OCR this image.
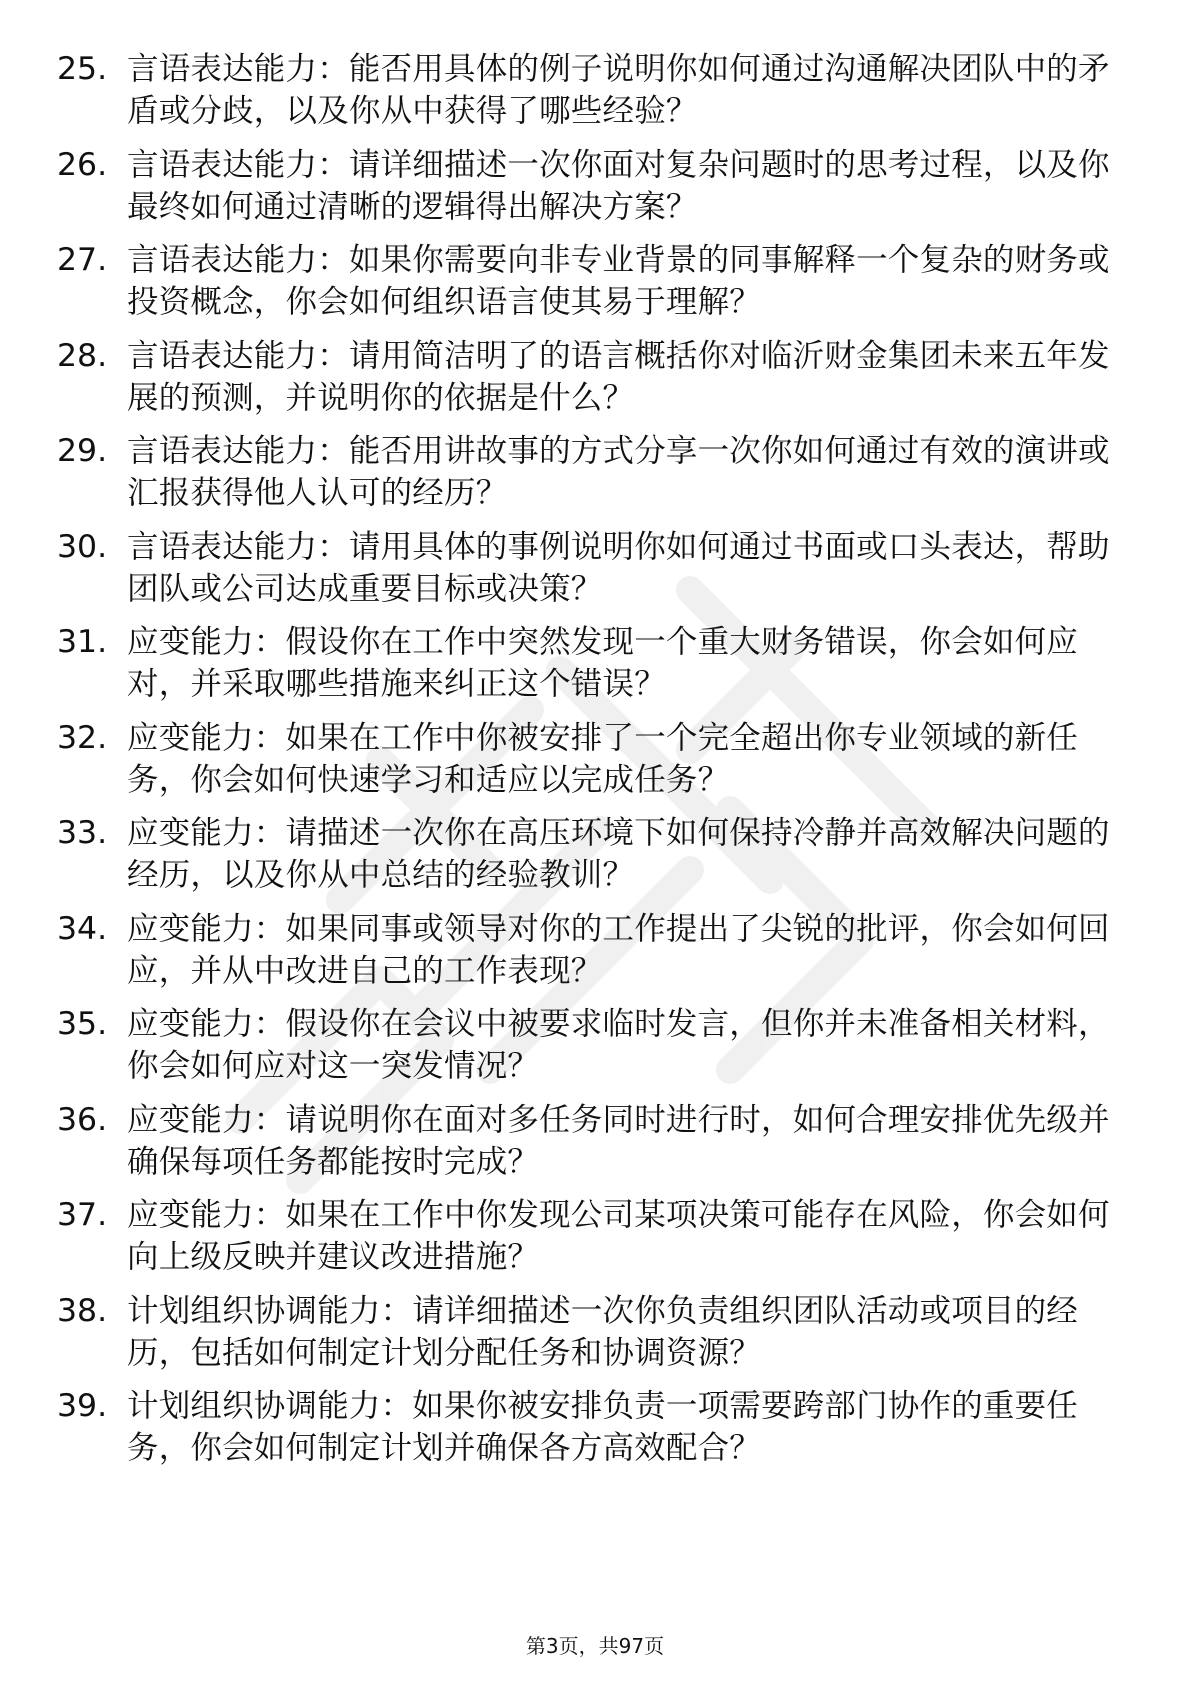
25. 言语表达能力：能否用具体的例子说明你如何通过沟通解决团队中的矛盾或分歧，以及你从中获得了哪些经验？
26. 言语表达能力：请详细描述一次你面对复杂问题时的思考过程，以及你最终如何通过清晰的逻辑得出解决方案？
27. 言语表达能力：如果你需要向非专业背景的同事解释一个复杂的财务或投资概念，你会如何组织语言使其易于理解？
28. 言语表达能力：请用简洁明了的语言概括你对临沂财金集团未来五年发展的预测，并说明你的依据是什么？
29. 言语表达能力：能否用讲故事的方式分享一次你如何通过有效的演讲或汇报获得他人认可的经历？
30. 言语表达能力：请用具体的事例说明你如何通过书面或口头表达，帮助团队或公司达成重要目标或决策？
31. 应变能力：假设你在工作中突然发现一个重大财务错误，你会如何应对，并采取哪些措施来纠正这个错误？
32. 应变能力：如果在工作中你被安排了一个完全超出你专业领域的新任务，你会如何快速学习和适应以完成任务？
33. 应变能力：请描述一次你在高压环境下如何保持冷静并高效解决问题的经历，以及你从中总结的经验教训？
34. 应变能力：如果同事或领导对你的工作提出了尖锐的批评，你会如何回应，并从中改进自己的工作表现？
35. 应变能力：假设你在会议中被要求临时发言，但你并未准备相关材料，你会如何应对这一突发情况？
36. 应变能力：请说明你在面对多任务同时进行时，如何合理安排优先级并确保每项任务都能按时完成？
37. 应变能力：如果在工作中你发现公司某项决策可能存在风险，你会如何向上级反映并建议改进措施？
38. 计划组织协调能力：请详细描述一次你负责组织团队活动或项目的经历，包括如何制定计划分配任务和协调资源？
39. 计划组织协调能力：如果你被安排负责一项需要跨部门协作的重要任务，你会如何制定计划并确保各方高效配合？
第3页，共97页
